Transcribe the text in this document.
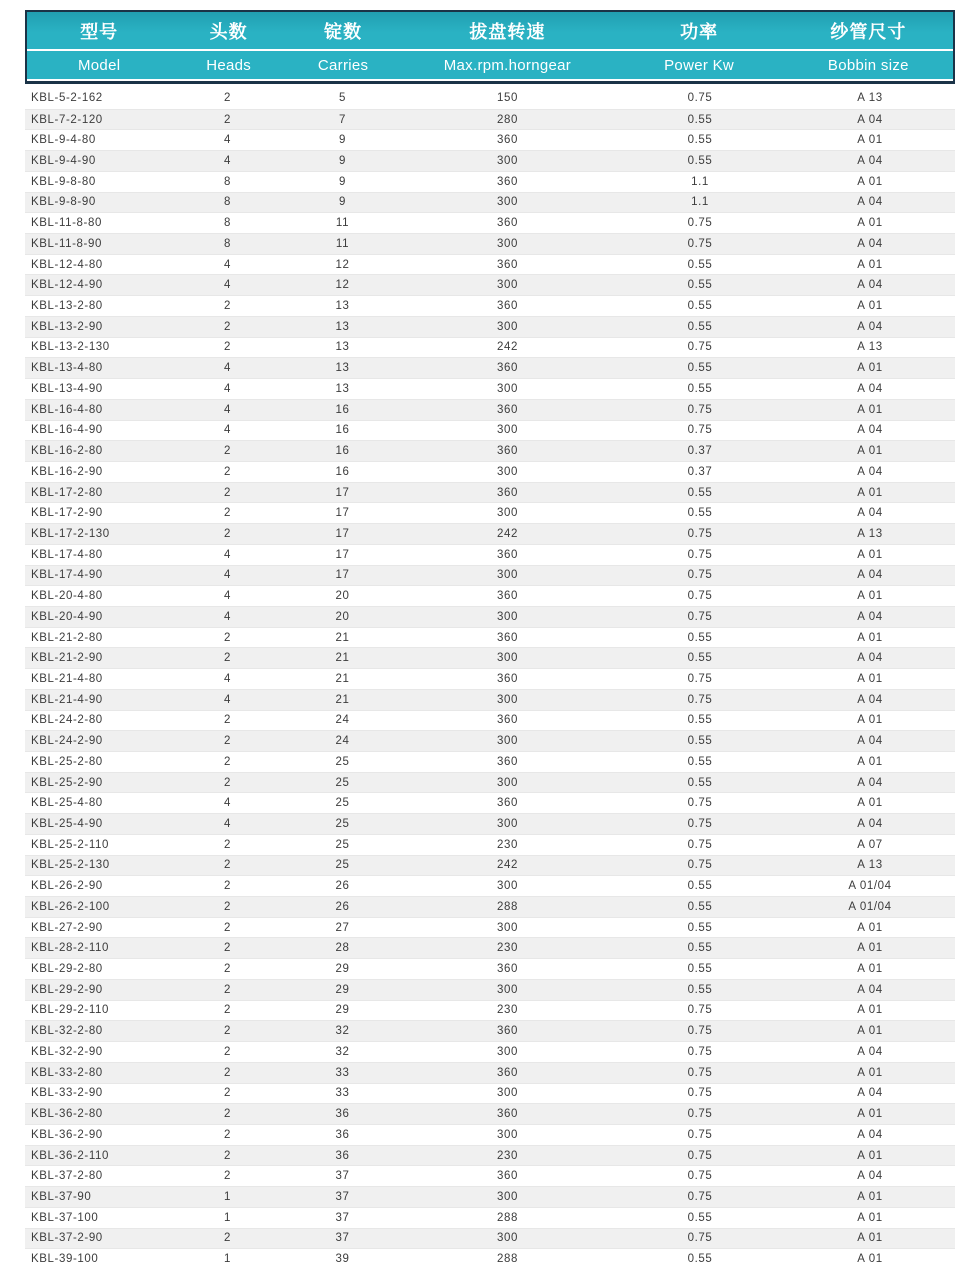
型号	头数	锭数	拔盘转速	功率	纱管尺寸
Model	Heads	Carries	Max.rpm.horngear	Power Kw	Bobbin size
KBL-5-2-162	2	5	150	0.75	A 13
KBL-7-2-120	2	7	280	0.55	A 04
KBL-9-4-80	4	9	360	0.55	A 01
KBL-9-4-90	4	9	300	0.55	A 04
KBL-9-8-80	8	9	360	1.1	A 01
KBL-9-8-90	8	9	300	1.1	A 04
KBL-11-8-80	8	11	360	0.75	A 01
KBL-11-8-90	8	11	300	0.75	A 04
KBL-12-4-80	4	12	360	0.55	A 01
KBL-12-4-90	4	12	300	0.55	A 04
KBL-13-2-80	2	13	360	0.55	A 01
KBL-13-2-90	2	13	300	0.55	A 04
KBL-13-2-130	2	13	242	0.75	A 13
KBL-13-4-80	4	13	360	0.55	A 01
KBL-13-4-90	4	13	300	0.55	A 04
KBL-16-4-80	4	16	360	0.75	A 01
KBL-16-4-90	4	16	300	0.75	A 04
KBL-16-2-80	2	16	360	0.37	A 01
KBL-16-2-90	2	16	300	0.37	A 04
KBL-17-2-80	2	17	360	0.55	A 01
KBL-17-2-90	2	17	300	0.55	A 04
KBL-17-2-130	2	17	242	0.75	A 13
KBL-17-4-80	4	17	360	0.75	A 01
KBL-17-4-90	4	17	300	0.75	A 04
KBL-20-4-80	4	20	360	0.75	A 01
KBL-20-4-90	4	20	300	0.75	A 04
KBL-21-2-80	2	21	360	0.55	A 01
KBL-21-2-90	2	21	300	0.55	A 04
KBL-21-4-80	4	21	360	0.75	A 01
KBL-21-4-90	4	21	300	0.75	A 04
KBL-24-2-80	2	24	360	0.55	A 01
KBL-24-2-90	2	24	300	0.55	A 04
KBL-25-2-80	2	25	360	0.55	A 01
KBL-25-2-90	2	25	300	0.55	A 04
KBL-25-4-80	4	25	360	0.75	A 01
KBL-25-4-90	4	25	300	0.75	A 04
KBL-25-2-110	2	25	230	0.75	A 07
KBL-25-2-130	2	25	242	0.75	A 13
KBL-26-2-90	2	26	300	0.55	A 01/04
KBL-26-2-100	2	26	288	0.55	A 01/04
KBL-27-2-90	2	27	300	0.55	A 01
KBL-28-2-110	2	28	230	0.55	A 01
KBL-29-2-80	2	29	360	0.55	A 01
KBL-29-2-90	2	29	300	0.55	A 04
KBL-29-2-110	2	29	230	0.75	A 01
KBL-32-2-80	2	32	360	0.75	A 01
KBL-32-2-90	2	32	300	0.75	A 04
KBL-33-2-80	2	33	360	0.75	A 01
KBL-33-2-90	2	33	300	0.75	A 04
KBL-36-2-80	2	36	360	0.75	A 01
KBL-36-2-90	2	36	300	0.75	A 04
KBL-36-2-110	2	36	230	0.75	A 01
KBL-37-2-80	2	37	360	0.75	A 04
KBL-37-90	1	37	300	0.75	A 01
KBL-37-100	1	37	288	0.55	A 01
KBL-37-2-90	2	37	300	0.75	A 01
KBL-39-100	1	39	288	0.55	A 01
